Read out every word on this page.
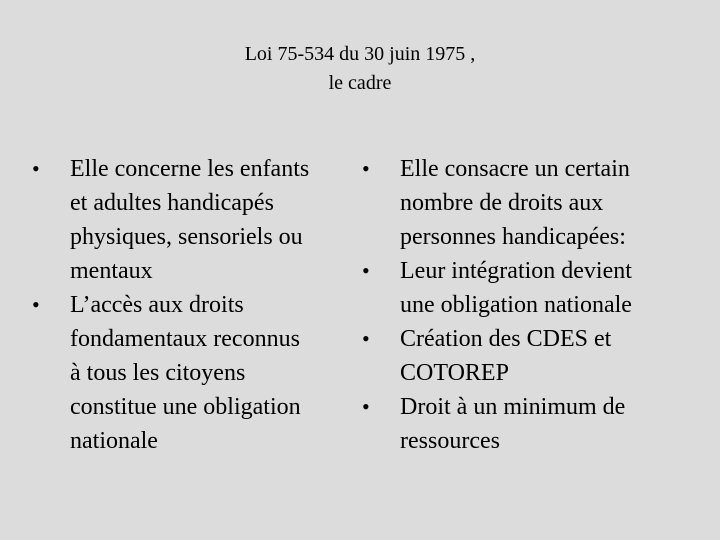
Loi 75-534 du 30 juin 1975 ,
le cadre
•	Elle concerne les enfants
et adultes handicapés
physiques, sensoriels ou
mentaux
•	L’accès aux droits
fondamentaux reconnus
à tous les citoyens
constitue une obligation
nationale
•	Elle consacre un certain
nombre de droits aux
personnes handicapées:
•	Leur intégration devient
une obligation nationale
•	Création des CDES et
COTOREP
•	Droit à un minimum de
ressources
